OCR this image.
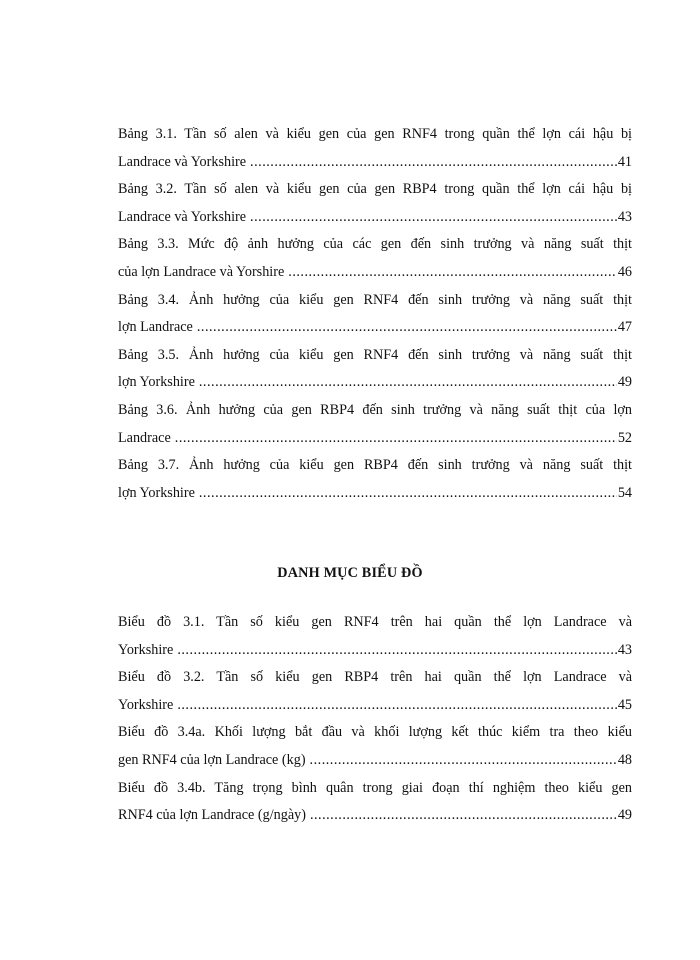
Bảng 3.1. Tần số alen và kiểu gen của gen RNF4 trong quần thể lợn cái hậu bị
Landrace và Yorkshire .....	41
Bảng 3.2. Tần số alen và kiểu gen của gen RBP4 trong quần thể lợn cái hậu bị
Landrace và Yorkshire .....	43
Bảng 3.3. Mức độ ảnh hưởng của các gen đến sinh trưởng và năng suất thịt
của lợn Landrace và Yorshire .....	46
Bảng 3.4. Ảnh hưởng của kiểu gen RNF4 đến sinh trưởng và năng suất thịt
lợn Landrace .....	47
Bảng 3.5. Ảnh hưởng của kiểu gen RNF4 đến sinh trưởng và năng suất thịt
lợn Yorkshire .....	49
Bảng 3.6. Ảnh hưởng của gen RBP4 đến sinh trưởng và năng suất thịt của lợn
Landrace .....	52
Bảng 3.7. Ảnh hưởng của kiểu gen RBP4 đến sinh trưởng và năng suất thịt
lợn Yorkshire .....	54
DANH MỤC BIỂU ĐỒ
Biểu đồ 3.1. Tần số kiểu gen RNF4 trên hai quần thể lợn Landrace và
Yorkshire .....	43
Biểu đồ 3.2. Tần số kiểu gen RBP4 trên hai quần thể lợn Landrace và
Yorkshire .....	45
Biểu đồ 3.4a. Khối lượng bắt đầu và khối lượng kết thúc kiểm tra theo kiểu
gen RNF4 của lợn Landrace (kg) .....	48
Biểu đồ 3.4b. Tăng trọng bình quân trong giai đoạn thí nghiệm theo kiểu gen
RNF4 của lợn Landrace (g/ngày) .....	49
